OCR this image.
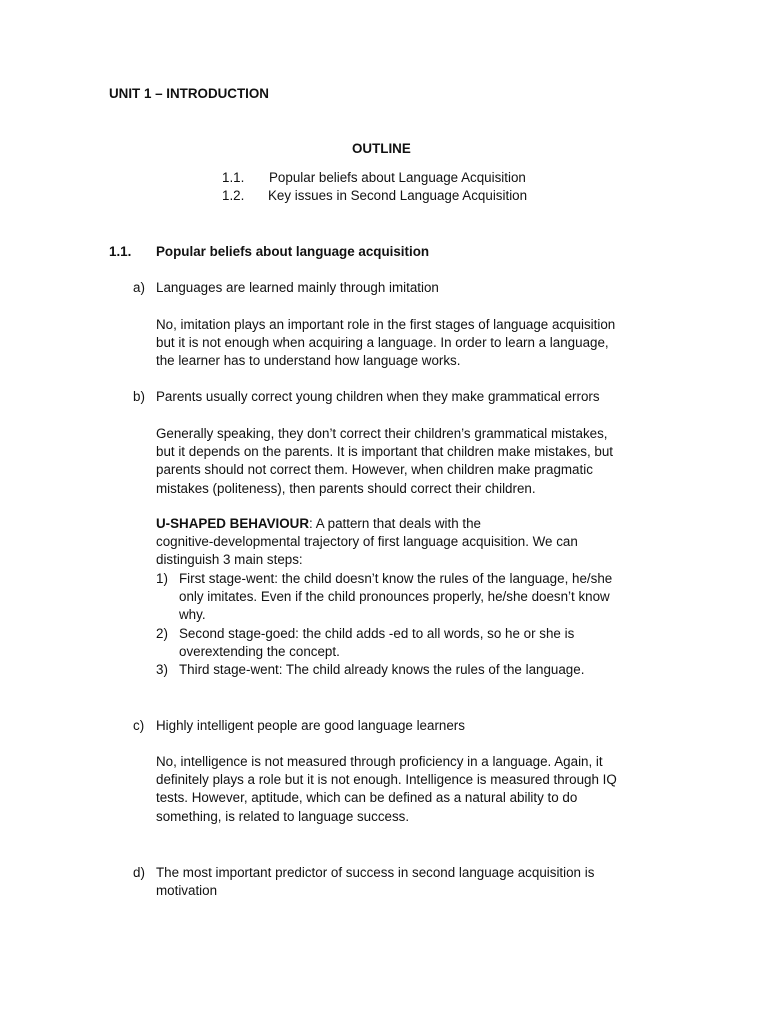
UNIT 1 – INTRODUCTION
OUTLINE
1.1. Popular beliefs about Language Acquisition
1.2. Key issues in Second Language Acquisition
1.1. Popular beliefs about language acquisition
a) Languages are learned mainly through imitation
No, imitation plays an important role in the first stages of language acquisition
but it is not enough when acquiring a language. In order to learn a language,
the learner has to understand how language works.
b) Parents usually correct young children when they make grammatical errors
Generally speaking, they don’t correct their children’s grammatical mistakes,
but it depends on the parents. It is important that children make mistakes, but
parents should not correct them. However, when children make pragmatic
mistakes (politeness), then parents should correct their children.
U-SHAPED BEHAVIOUR: A pattern that deals with the
cognitive-developmental trajectory of first language acquisition. We can
distinguish 3 main steps:
1) First stage-went: the child doesn’t know the rules of the language, he/she
only imitates. Even if the child pronounces properly, he/she doesn’t know
why.
2) Second stage-goed: the child adds -ed to all words, so he or she is
overextending the concept.
3) Third stage-went: The child already knows the rules of the language.
c) Highly intelligent people are good language learners
No, intelligence is not measured through proficiency in a language. Again, it
definitely plays a role but it is not enough. Intelligence is measured through IQ
tests. However, aptitude, which can be defined as a natural ability to do
something, is related to language success.
d) The most important predictor of success in second language acquisition is
motivation
